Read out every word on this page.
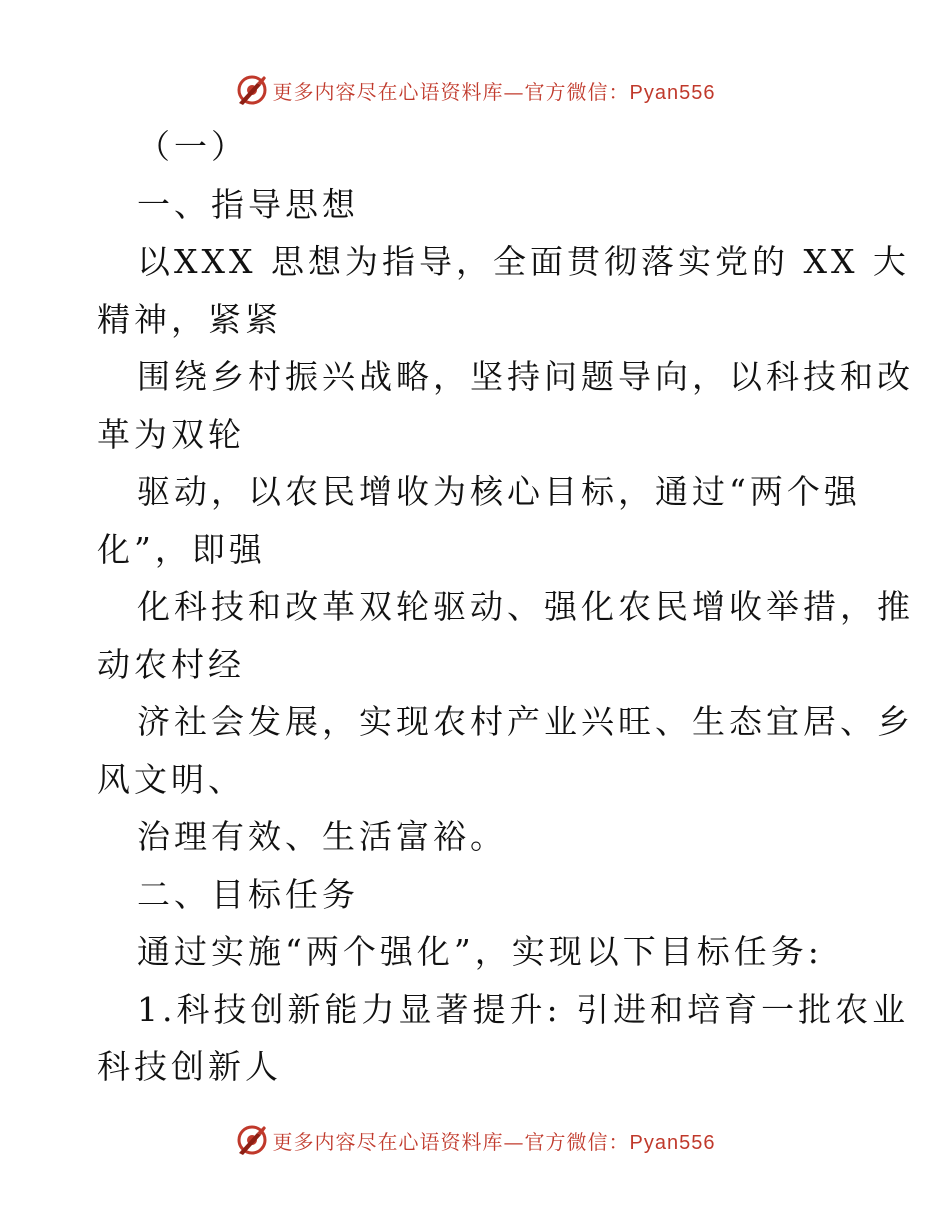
更多内容尽在心语资料库—官方微信：Pyan556
（一）
一、指导思想
以XXX 思想为指导，全面贯彻落实党的 XX 大
精神，紧紧
围绕乡村振兴战略，坚持问题导向，以科技和改
革为双轮
驱动，以农民增收为核心目标，通过“两个强
化”，即强
化科技和改革双轮驱动、强化农民增收举措，推
动农村经
济社会发展，实现农村产业兴旺、生态宜居、乡
风文明、
治理有效、生活富裕。
二、目标任务
通过实施“两个强化”，实现以下目标任务:
1.科技创新能力显著提升: 引进和培育一批农业
科技创新人
更多内容尽在心语资料库—官方微信：Pyan556
